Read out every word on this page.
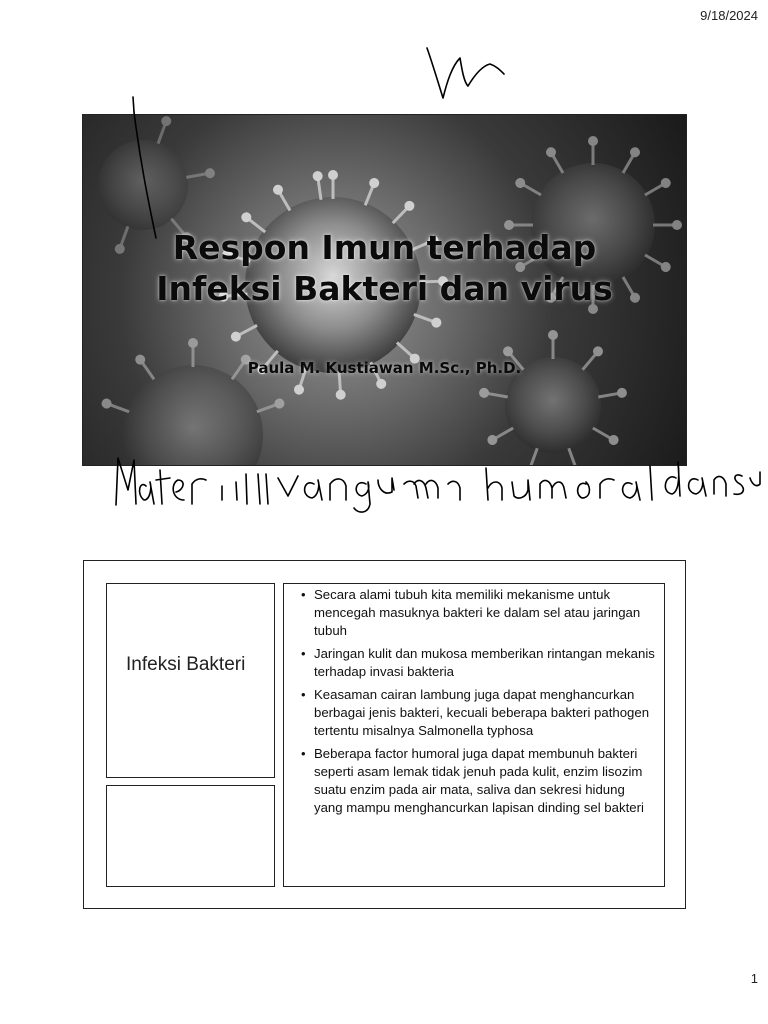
9/18/2024
Respon Imun terhadap
Infeksi Bakteri dan virus
Paula M. Kustiawan M.Sc., Ph.D.
Infeksi Bakteri
• Secara alami tubuh kita memiliki mekanisme untuk mencegah masuknya bakteri ke dalam sel atau jaringan tubuh
• Jaringan kulit dan mukosa memberikan rintangan mekanis terhadap invasi bakteria
• Keasaman cairan lambung juga dapat menghancurkan berbagai jenis bakteri, kecuali beberapa bakteri pathogen tertentu misalnya Salmonella typhosa
• Beberapa factor humoral juga dapat membunuh bakteri seperti asam lemak tidak jenuh pada kulit, enzim lisozim suatu enzim pada air mata, saliva dan sekresi hidung yang mampu menghancurkan lapisan dinding sel bakteri
1
